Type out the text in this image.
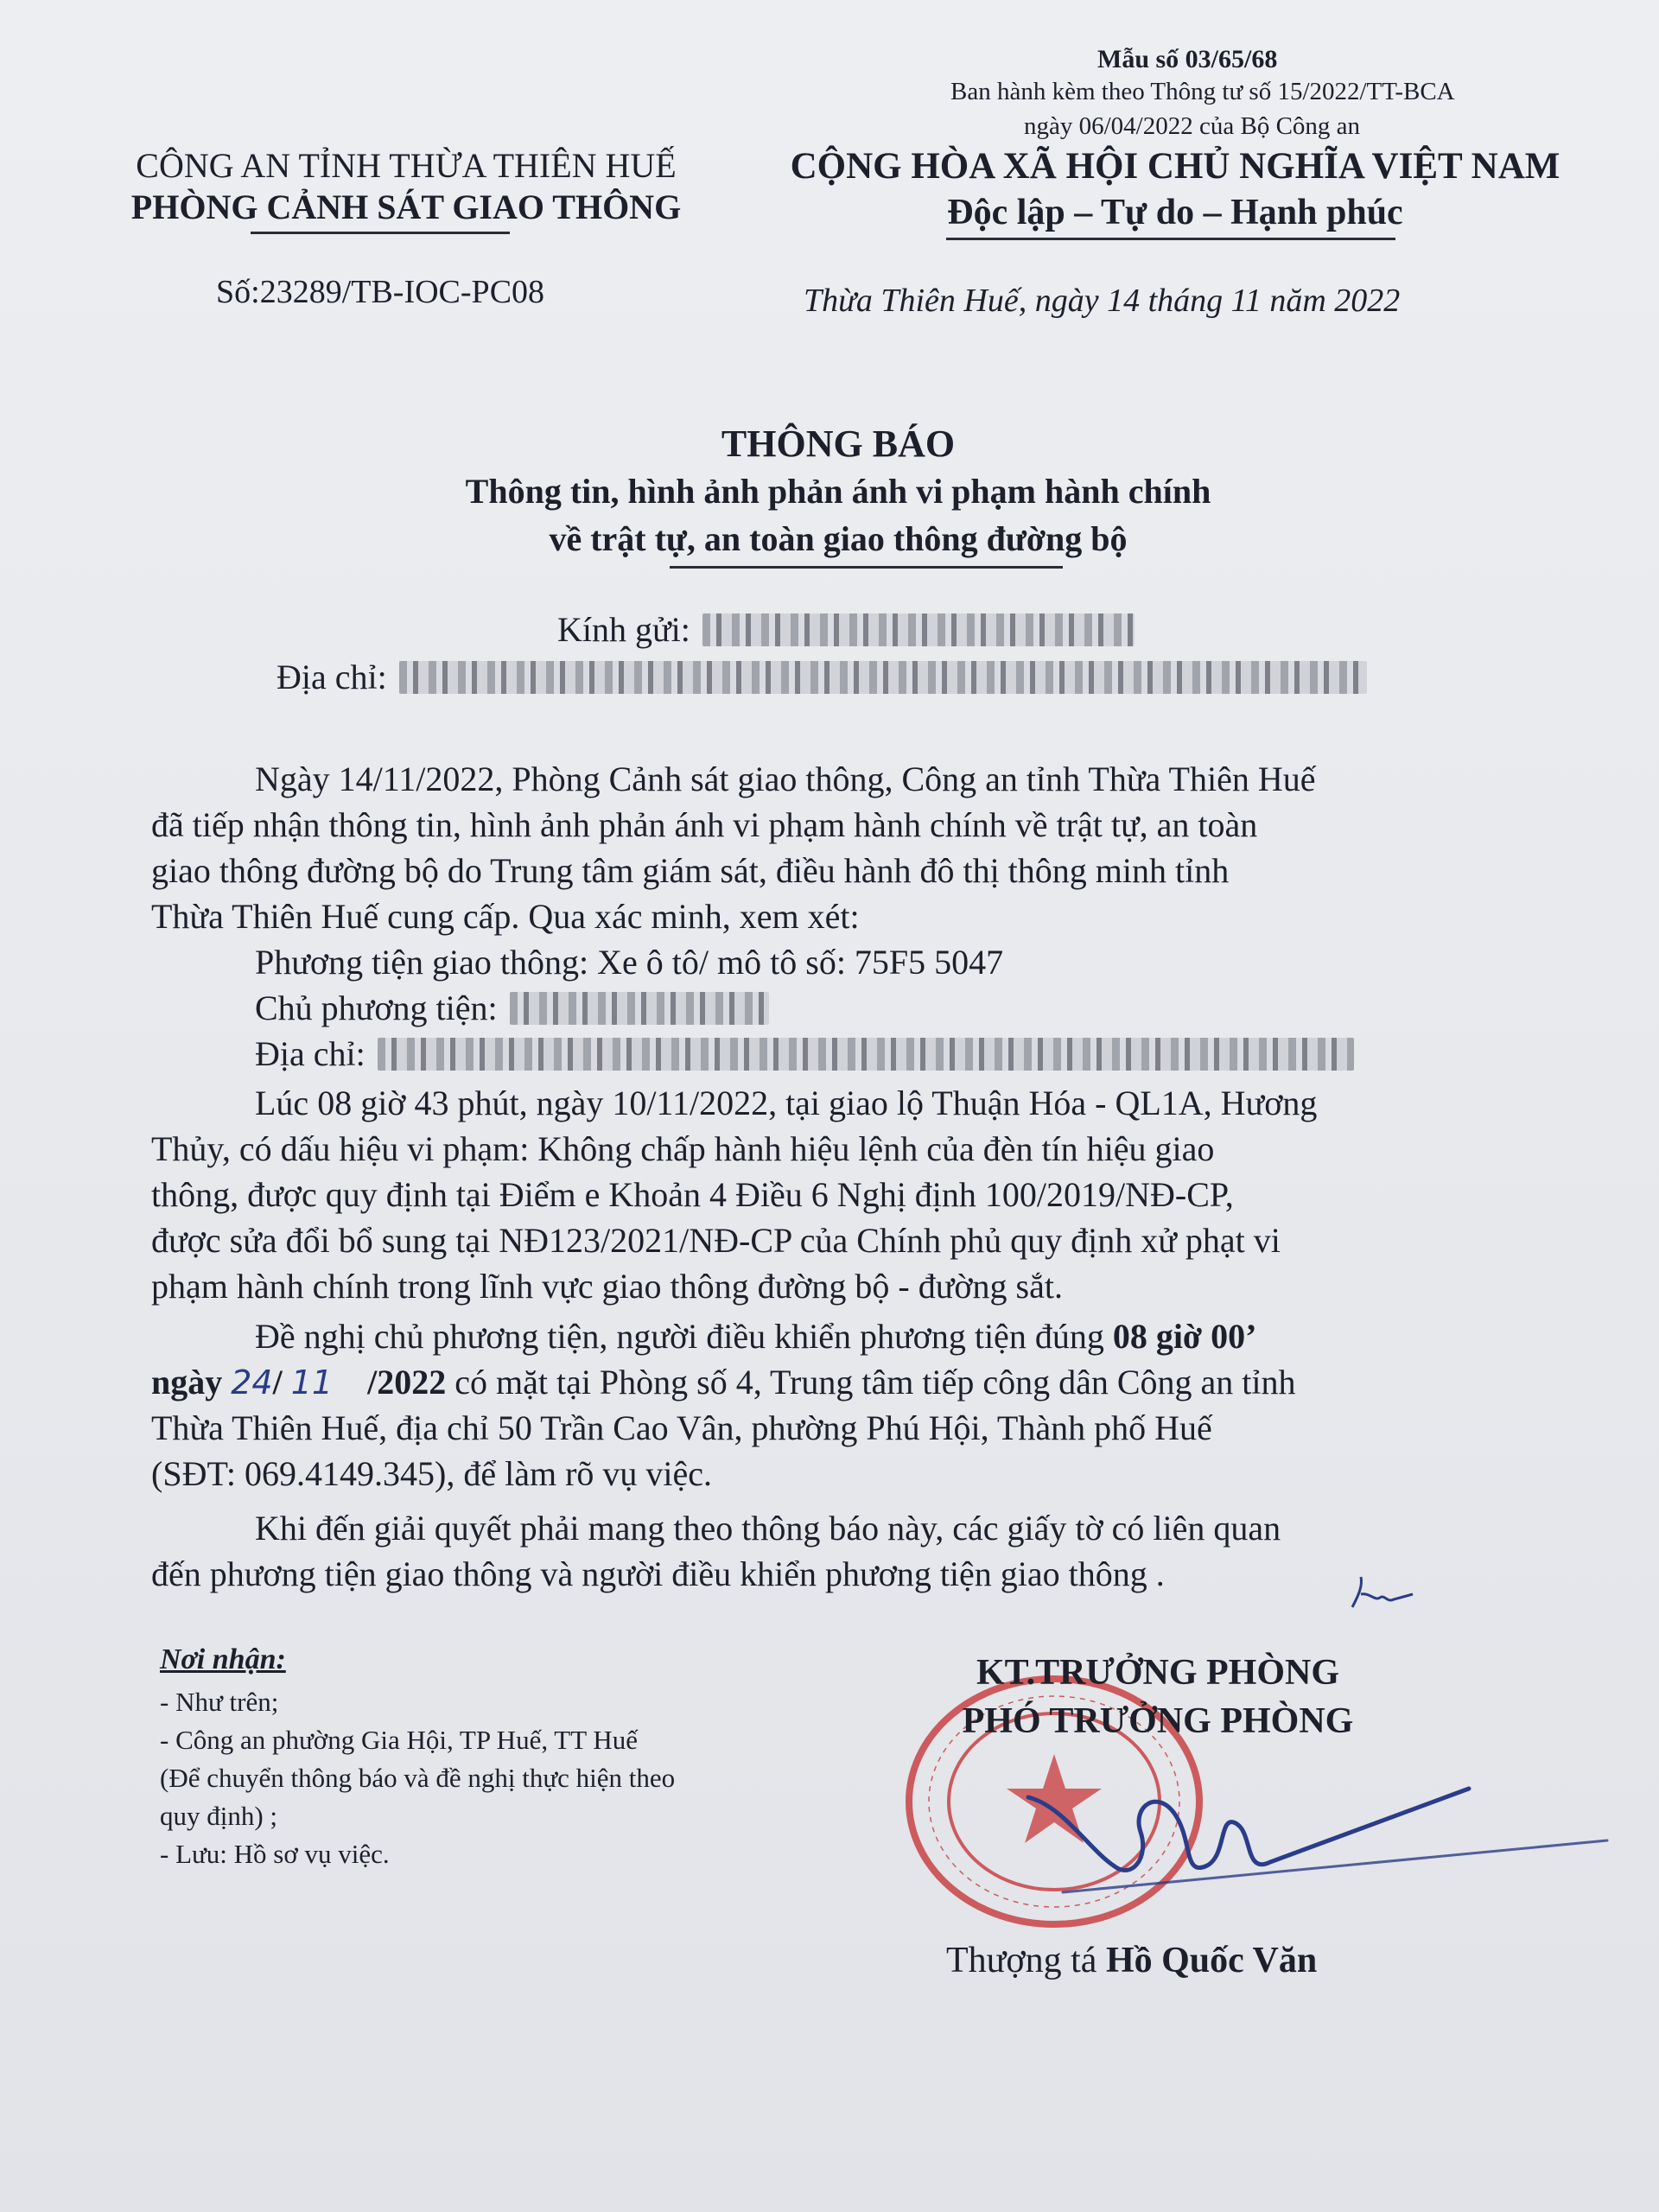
Mẫu số 03/65/68
Ban hành kèm theo Thông tư số 15/2022/TT-BCA
ngày 06/04/2022 của Bộ Công an
CÔNG AN TỈNH THỪA THIÊN HUẾ
PHÒNG CẢNH SÁT GIAO THÔNG
CỘNG HÒA XÃ HỘI CHỦ NGHĨA VIỆT NAM
Độc lập – Tự do – Hạnh phúc
Số:23289/TB-IOC-PC08	Thừa Thiên Huế, ngày 14 tháng 11 năm 2022
THÔNG BÁO
Thông tin, hình ảnh phản ánh vi phạm hành chính
về trật tự, an toàn giao thông đường bộ
Kính gửi:
Địa chỉ:
Ngày 14/11/2022, Phòng Cảnh sát giao thông, Công an tỉnh Thừa Thiên Huế
đã tiếp nhận thông tin, hình ảnh phản ánh vi phạm hành chính về trật tự, an toàn
giao thông đường bộ do Trung tâm giám sát, điều hành đô thị thông minh tỉnh
Thừa Thiên Huế cung cấp. Qua xác minh, xem xét:
Phương tiện giao thông: Xe ô tô/ mô tô số: 75F5 5047
Chủ phương tiện:
Địa chỉ:
Lúc 08 giờ 43 phút, ngày 10/11/2022, tại giao lộ Thuận Hóa - QL1A, Hương
Thủy, có dấu hiệu vi phạm: Không chấp hành hiệu lệnh của đèn tín hiệu giao
thông, được quy định tại Điểm e Khoản 4 Điều 6 Nghị định 100/2019/NĐ-CP,
được sửa đổi bổ sung tại NĐ123/2021/NĐ-CP của Chính phủ quy định xử phạt vi
phạm hành chính trong lĩnh vực giao thông đường bộ - đường sắt.
Đề nghị chủ phương tiện, người điều khiển phương tiện đúng 08 giờ 00’
ngày 24/ 11 /2022 có mặt tại Phòng số 4, Trung tâm tiếp công dân Công an tỉnh
Thừa Thiên Huế, địa chỉ 50 Trần Cao Vân, phường Phú Hội, Thành phố Huế
(SĐT: 069.4149.345), để làm rõ vụ việc.
Khi đến giải quyết phải mang theo thông báo này, các giấy tờ có liên quan
đến phương tiện giao thông và người điều khiển phương tiện giao thông .
Nơi nhận:
- Như trên;
- Công an phường Gia Hội, TP Huế, TT Huế
(Để chuyển thông báo và đề nghị thực hiện theo
quy định) ;
- Lưu: Hồ sơ vụ việc.
KT.TRƯỞNG PHÒNG
PHÓ TRƯỞNG PHÒNG
Thượng tá Hồ Quốc Văn
